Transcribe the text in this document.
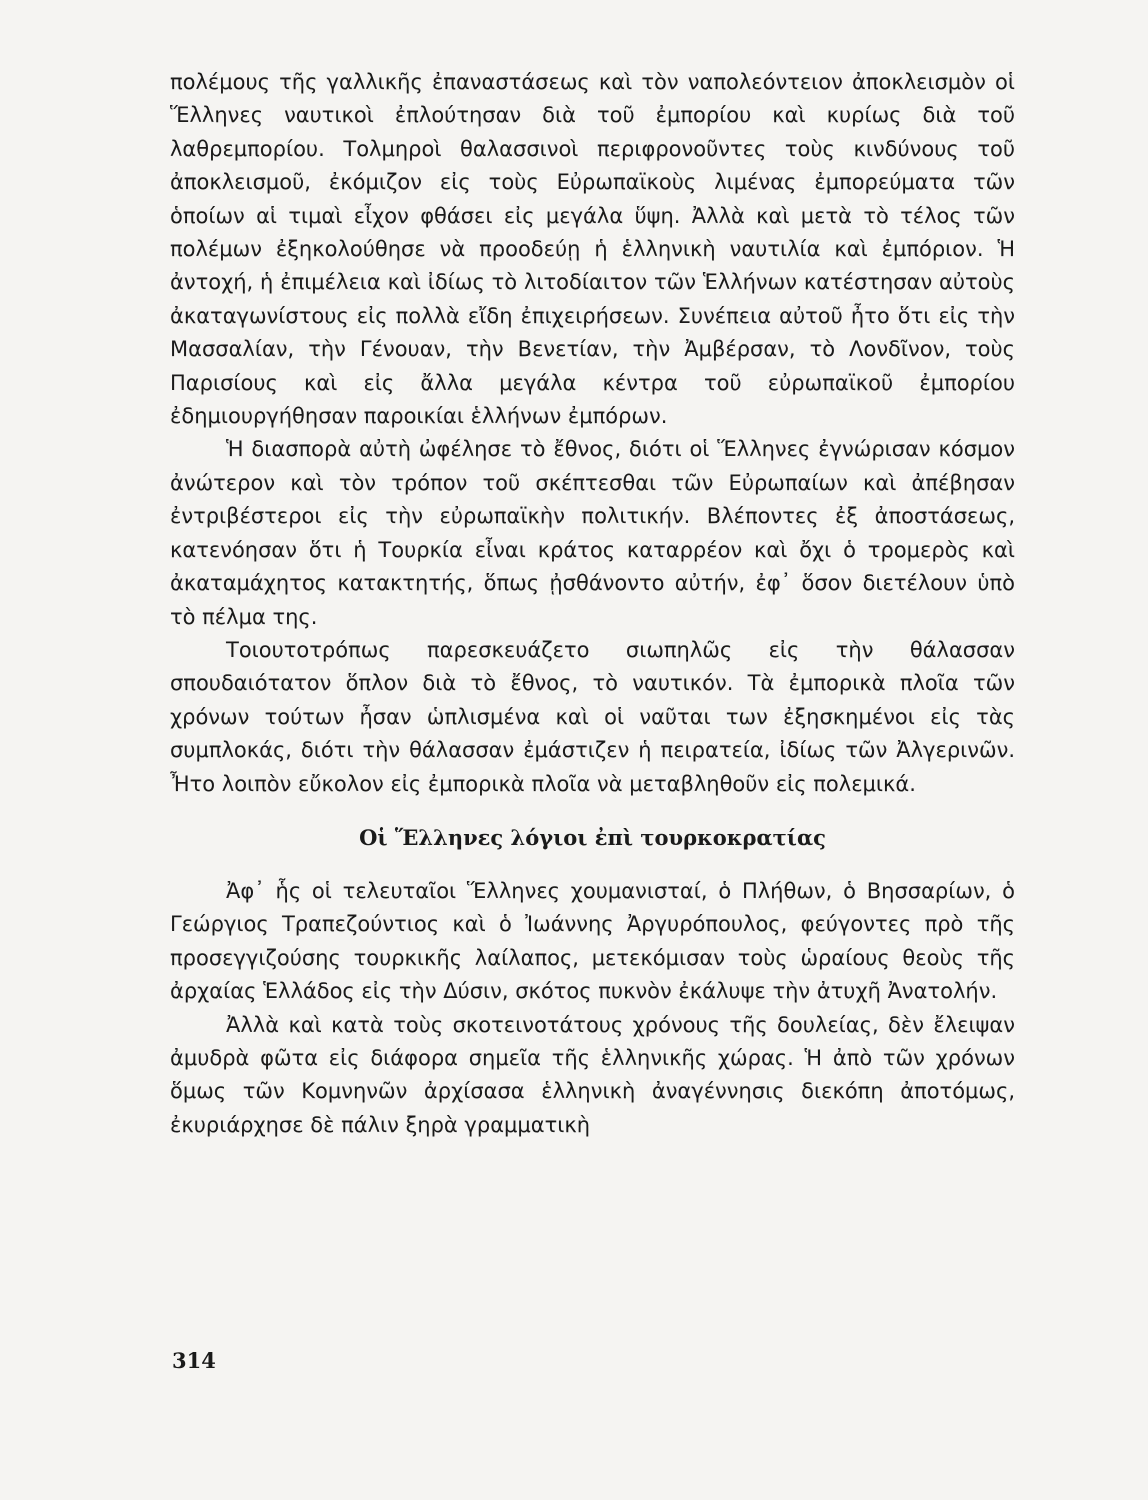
πολέμους τῆς γαλλικῆς ἐπαναστάσεως καὶ τὸν ναπολεόντειον ἀποκλεισμὸν οἱ Ἕλληνες ναυτικοὶ ἐπλούτησαν διὰ τοῦ ἐμπορίου καὶ κυρίως διὰ τοῦ λαθρεμπορίου. Τολμηροὶ θαλασσινοὶ περιφρονοῦντες τοὺς κινδύνους τοῦ ἀποκλεισμοῦ, ἐκόμιζον εἰς τοὺς Εὐρωπαϊκοὺς λιμένας ἐμπορεύματα τῶν ὁποίων αἱ τιμαὶ εἶχον φθάσει εἰς μεγάλα ὕψη. Ἀλλὰ καὶ μετὰ τὸ τέλος τῶν πολέμων ἐξηκολούθησε νὰ προοδεύῃ ἡ ἑλληνικὴ ναυτιλία καὶ ἐμπόριον. Ἡ ἀντοχή, ἡ ἐπιμέλεια καὶ ἰδίως τὸ λιτοδίαιτον τῶν Ἑλλήνων κατέστησαν αὐτοὺς ἀκαταγωνίστους εἰς πολλὰ εἴδη ἐπιχειρήσεων. Συνέπεια αὐτοῦ ἦτο ὅτι εἰς τὴν Μασσαλίαν, τὴν Γένουαν, τὴν Βενετίαν, τὴν Ἀμβέρσαν, τὸ Λονδῖνον, τοὺς Παρισίους καὶ εἰς ἄλλα μεγάλα κέντρα τοῦ εὐρωπαϊκοῦ ἐμπορίου ἐδημιουργήθησαν παροικίαι ἑλλήνων ἐμπόρων.

Ἡ διασπορὰ αὐτὴ ὠφέλησε τὸ ἔθνος, διότι οἱ Ἕλληνες ἐγνώρισαν κόσμον ἀνώτερον καὶ τὸν τρόπον τοῦ σκέπτεσθαι τῶν Εὐρωπαίων καὶ ἀπέβησαν ἐντριβέστεροι εἰς τὴν εὐρωπαϊκὴν πολιτικήν. Βλέποντες ἐξ ἀποστάσεως, κατενόησαν ὅτι ἡ Τουρκία εἶναι κράτος καταρρέον καὶ ὄχι ὁ τρομερὸς καὶ ἀκαταμάχητος κατακτητής, ὅπως ᾐσθάνοντο αὐτήν, ἐφ᾿ ὅσον διετέλουν ὑπὸ τὸ πέλμα της.

Τοιουτοτρόπως παρεσκευάζετο σιωπηλῶς εἰς τὴν θάλασσαν σπουδαιότατον ὅπλον διὰ τὸ ἔθνος, τὸ ναυτικόν. Τὰ ἐμπορικὰ πλοῖα τῶν χρόνων τούτων ἦσαν ὡπλισμένα καὶ οἱ ναῦται των ἐξησκημένοι εἰς τὰς συμπλοκάς, διότι τὴν θάλασσαν ἐμάστιζεν ἡ πειρατεία, ἰδίως τῶν Ἀλγερινῶν. Ἦτο λοιπὸν εὔκολον εἰς ἐμπορικὰ πλοῖα νὰ μεταβληθοῦν εἰς πολεμικά.

Οἱ Ἕλληνες λόγιοι ἐπὶ τουρκοκρατίας

Ἀφ᾿ ἧς οἱ τελευταῖοι Ἕλληνες χουμανισταί, ὁ Πλήθων, ὁ Βησσαρίων, ὁ Γεώργιος Τραπεζούντιος καὶ ὁ Ἰωάννης Ἀργυρόπουλος, φεύγοντες πρὸ τῆς προσεγγιζούσης τουρκικῆς λαίλαπος, μετεκόμισαν τοὺς ὡραίους θεοὺς τῆς ἀρχαίας Ἑλλάδος εἰς τὴν Δύσιν, σκότος πυκνὸν ἐκάλυψε τὴν ἀτυχῆ Ἀνατολήν.

Ἀλλὰ καὶ κατὰ τοὺς σκοτεινοτάτους χρόνους τῆς δουλείας, δὲν ἔλειψαν ἀμυδρὰ φῶτα εἰς διάφορα σημεῖα τῆς ἑλληνικῆς χώρας. Ἡ ἀπὸ τῶν χρόνων ὅμως τῶν Κομνηνῶν ἀρχίσασα ἑλληνικὴ ἀναγέννησις διεκόπη ἀποτόμως, ἐκυριάρχησε δὲ πάλιν ξηρὰ γραμματικὴ

314
